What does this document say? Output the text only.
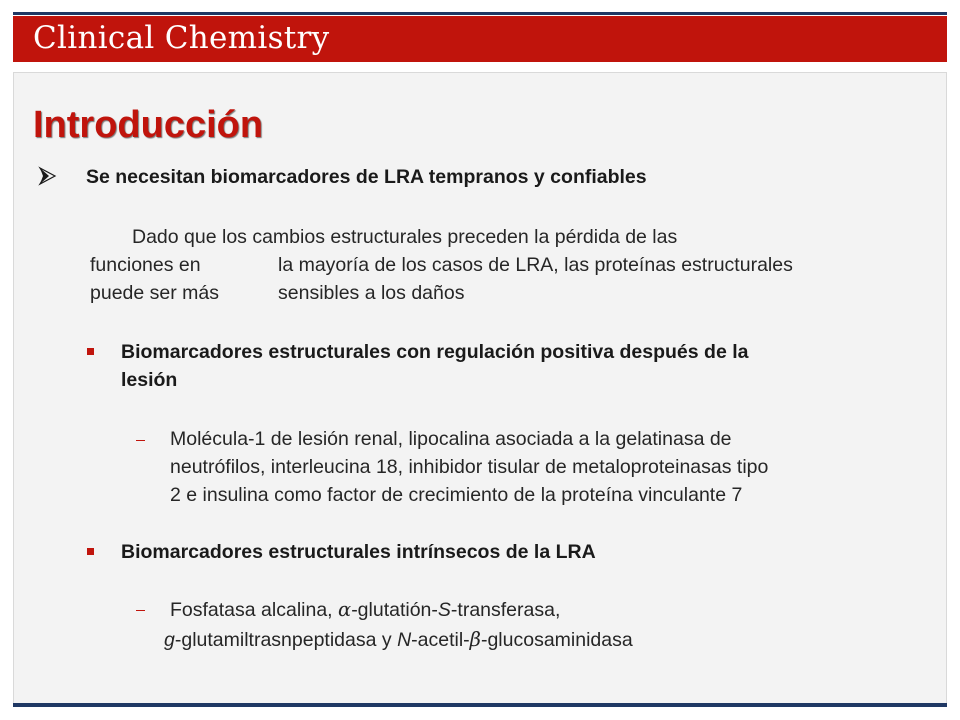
Clinical Chemistry
Introducción
Se necesitan biomarcadores de LRA tempranos y confiables
Dado que los cambios estructurales preceden la pérdida de las
funciones en	la mayoría de los casos de LRA, las proteínas estructurales
puede ser más	sensibles a los daños
Biomarcadores estructurales con regulación positiva después de la
lesión
Molécula-1 de lesión renal, lipocalina asociada a la gelatinasa de
neutrófilos, interleucina 18, inhibidor tisular de metaloproteinasas tipo
2 e insulina como factor de crecimiento de la proteína vinculante 7
Biomarcadores estructurales intrínsecos de la LRA
Fosfatasa alcalina, α-glutatión-S-transferasa,
g-glutamiltrasnpeptidasa y N-acetil-β-glucosaminidasa
